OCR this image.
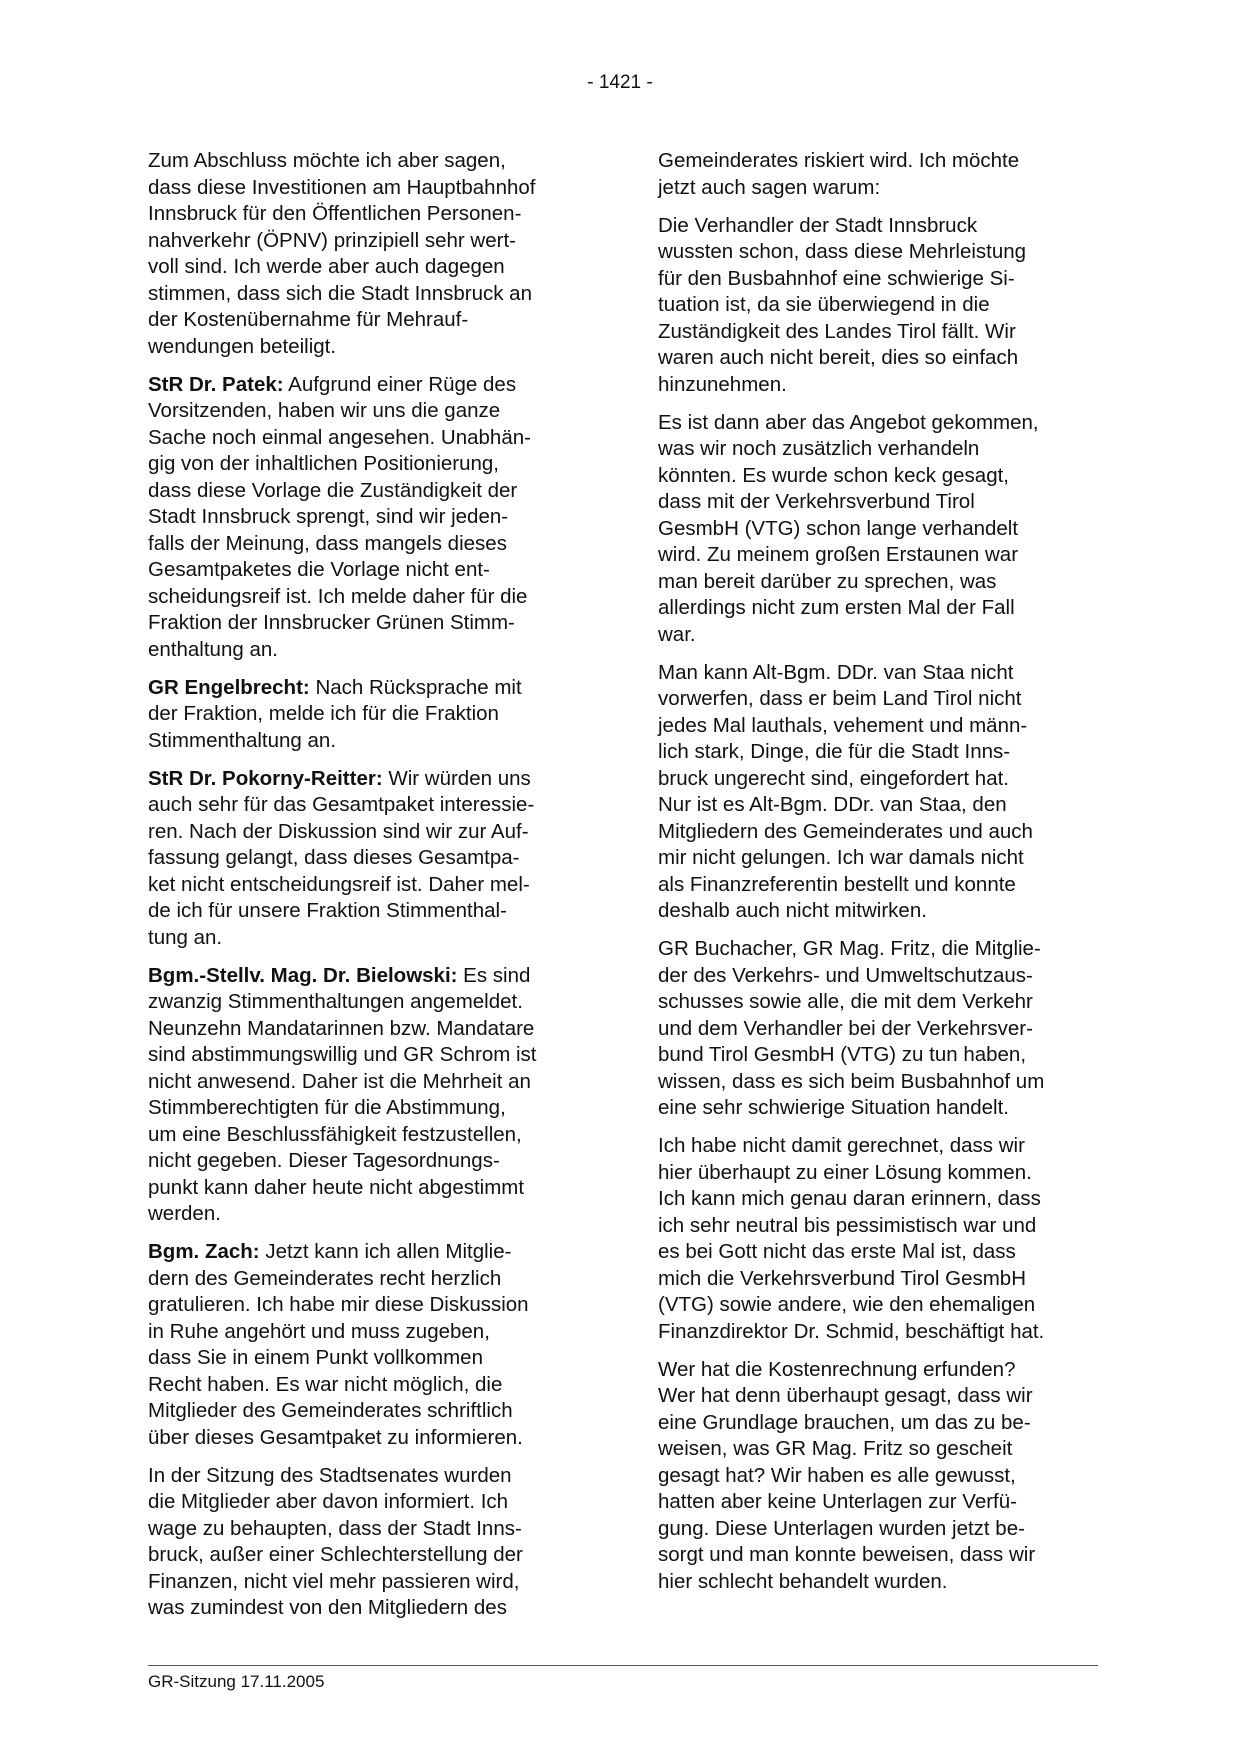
- 1421 -

Zum Abschluss möchte ich aber sagen,
dass diese Investitionen am Hauptbahnhof
Innsbruck für den Öffentlichen Personen-
nahverkehr (ÖPNV) prinzipiell sehr wert-
voll sind. Ich werde aber auch dagegen
stimmen, dass sich die Stadt Innsbruck an
der Kostenübernahme für Mehrauf-
wendungen beteiligt.

StR Dr. Patek: Aufgrund einer Rüge des
Vorsitzenden, haben wir uns die ganze
Sache noch einmal angesehen. Unabhän-
gig von der inhaltlichen Positionierung,
dass diese Vorlage die Zuständigkeit der
Stadt Innsbruck sprengt, sind wir jeden-
falls der Meinung, dass mangels dieses
Gesamtpaketes die Vorlage nicht ent-
scheidungsreif ist. Ich melde daher für die
Fraktion der Innsbrucker Grünen Stimm-
enthaltung an.

GR Engelbrecht: Nach Rücksprache mit
der Fraktion, melde ich für die Fraktion
Stimmenthaltung an.

StR Dr. Pokorny-Reitter: Wir würden uns
auch sehr für das Gesamtpaket interessie-
ren. Nach der Diskussion sind wir zur Auf-
fassung gelangt, dass dieses Gesamtpa-
ket nicht entscheidungsreif ist. Daher mel-
de ich für unsere Fraktion Stimmenthal-
tung an.

Bgm.-Stellv. Mag. Dr. Bielowski: Es sind
zwanzig Stimmenthaltungen angemeldet.
Neunzehn Mandatarinnen bzw. Mandatare
sind abstimmungswillig und GR Schrom ist
nicht anwesend. Daher ist die Mehrheit an
Stimmberechtigten für die Abstimmung,
um eine Beschlussfähigkeit festzustellen,
nicht gegeben. Dieser Tagesordnungs-
punkt kann daher heute nicht abgestimmt
werden.

Bgm. Zach: Jetzt kann ich allen Mitglie-
dern des Gemeinderates recht herzlich
gratulieren. Ich habe mir diese Diskussion
in Ruhe angehört und muss zugeben,
dass Sie in einem Punkt vollkommen
Recht haben. Es war nicht möglich, die
Mitglieder des Gemeinderates schriftlich
über dieses Gesamtpaket zu informieren.

In der Sitzung des Stadtsenates wurden
die Mitglieder aber davon informiert. Ich
wage zu behaupten, dass der Stadt Inns-
bruck, außer einer Schlechterstellung der
Finanzen, nicht viel mehr passieren wird,
was zumindest von den Mitgliedern des

Gemeinderates riskiert wird. Ich möchte
jetzt auch sagen warum:

Die Verhandler der Stadt Innsbruck
wussten schon, dass diese Mehrleistung
für den Busbahnhof eine schwierige Si-
tuation ist, da sie überwiegend in die
Zuständigkeit des Landes Tirol fällt. Wir
waren auch nicht bereit, dies so einfach
hinzunehmen.

Es ist dann aber das Angebot gekommen,
was wir noch zusätzlich verhandeln
könnten. Es wurde schon keck gesagt,
dass mit der Verkehrsverbund Tirol
GesmbH (VTG) schon lange verhandelt
wird. Zu meinem großen Erstaunen war
man bereit darüber zu sprechen, was
allerdings nicht zum ersten Mal der Fall
war.

Man kann Alt-Bgm. DDr. van Staa nicht
vorwerfen, dass er beim Land Tirol nicht
jedes Mal lauthals, vehement und männ-
lich stark, Dinge, die für die Stadt Inns-
bruck ungerecht sind, eingefordert hat.
Nur ist es Alt-Bgm. DDr. van Staa, den
Mitgliedern des Gemeinderates und auch
mir nicht gelungen. Ich war damals nicht
als Finanzreferentin bestellt und konnte
deshalb auch nicht mitwirken.

GR Buchacher, GR Mag. Fritz, die Mitglie-
der des Verkehrs- und Umweltschutzaus-
schusses sowie alle, die mit dem Verkehr
und dem Verhandler bei der Verkehrsver-
bund Tirol GesmbH (VTG) zu tun haben,
wissen, dass es sich beim Busbahnhof um
eine sehr schwierige Situation handelt.

Ich habe nicht damit gerechnet, dass wir
hier überhaupt zu einer Lösung kommen.
Ich kann mich genau daran erinnern, dass
ich sehr neutral bis pessimistisch war und
es bei Gott nicht das erste Mal ist, dass
mich die Verkehrsverbund Tirol GesmbH
(VTG) sowie andere, wie den ehemaligen
Finanzdirektor Dr. Schmid, beschäftigt hat.

Wer hat die Kostenrechnung erfunden?
Wer hat denn überhaupt gesagt, dass wir
eine Grundlage brauchen, um das zu be-
weisen, was GR Mag. Fritz so gescheit
gesagt hat? Wir haben es alle gewusst,
hatten aber keine Unterlagen zur Verfü-
gung. Diese Unterlagen wurden jetzt be-
sorgt und man konnte beweisen, dass wir
hier schlecht behandelt wurden.

GR-Sitzung 17.11.2005
